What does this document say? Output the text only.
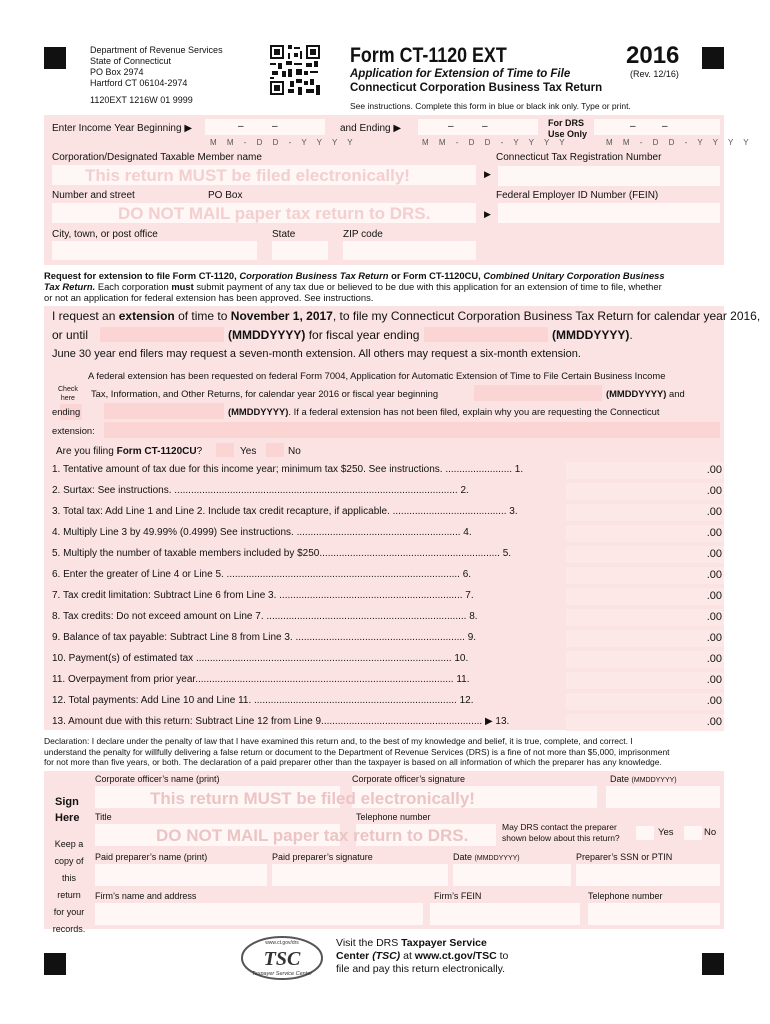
Department of Revenue Services
State of Connecticut
PO Box 2974
Hartford CT 06104-2974
1120EXT 1216W 01 9999
Form CT-1120 EXT	2016
Application for Extension of Time to File	(Rev. 12/16)
Connecticut Corporation Business Tax Return
See instructions. Complete this form in blue or black ink only. Type or print.
Enter Income Year Beginning ▶	–	–
M M - D D - Y Y Y Y
and Ending ▶	–	–
M M - D D - Y Y Y Y
For DRS
Use Only
–	–
M M - D D - Y Y Y Y
Corporation/Designated Taxable Member name
This return MUST be filed electronically!
Connecticut Tax Registration Number
▶
Number and street	PO Box
DO NOT MAIL paper tax return to DRS.
Federal Employer ID Number (FEIN)
▶
City, town, or post office	State	ZIP code
Request for extension to file Form CT-1120, Corporation Business Tax Return or Form CT-1120CU, Combined Unitary Corporation Business
Tax Return. Each corporation must submit payment of any tax due or believed to be due with this application for an extension of time to file, whether
or not an application for federal extension has been approved. See instructions.
I request an extension of time to November 1, 2017, to file my Connecticut Corporation Business Tax Return for calendar year 2016,
or until	(MMDDYYYY) for fiscal year ending	(MMDDYYYY).
June 30 year end filers may request a seven-month extension. All others may request a six-month extension.
A federal extension has been requested on federal Form 7004, Application for Automatic Extension of Time to File Certain Business Income
Check
here	Tax, Information, and Other Returns, for calendar year 2016 or fiscal year beginning	(MMDDYYYY) and
ending	(MMDDYYYY). If a federal extension has not been filed, explain why you are requesting the Connecticut
extension:
Are you filing Form CT-1120CU?	Yes	No
1. Tentative amount of tax due for this income year; minimum tax $250. See instructions. ........................ 1.	.00
2. Surtax: See instructions. ...................................................................................................... 2.	.00
3. Total tax: Add Line 1 and Line 2. Include tax credit recapture, if applicable. ......................................... 3.	.00
4. Multiply Line 3 by 49.99% (0.4999) See instructions. ........................................................... 4.	.00
5. Multiply the number of taxable members included by $250................................................................. 5.	.00
6. Enter the greater of Line 4 or Line 5. .................................................................................... 6.	.00
7. Tax credit limitation: Subtract Line 6 from Line 3. .................................................................. 7.	.00
8. Tax credits: Do not exceed amount on Line 7. ........................................................................ 8.	.00
9. Balance of tax payable: Subtract Line 8 from Line 3. ............................................................. 9.	.00
10. Payment(s) of estimated tax ............................................................................................ 10.	.00
11. Overpayment from prior year............................................................................................. 11.	.00
12. Total payments: Add Line 10 and Line 11. ......................................................................... 12.	.00
13. Amount due with this return: Subtract Line 12 from Line 9.......................................................... ▶ 13.	.00
Declaration: I declare under the penalty of law that I have examined this return and, to the best of my knowledge and belief, it is true, complete, and correct. I
understand the penalty for willfully delivering a false return or document to the Department of Revenue Services (DRS) is a fine of not more than $5,000, imprisonment
for not more than five years, or both. The declaration of a paid preparer other than the taxpayer is based on all information of which the preparer has any knowledge.
Corporate officer’s name (print)	Corporate officer’s signature	Date (MMDDYYYY)
This return MUST be filed electronically!
Sign
Here Title	Telephone number
DO NOT MAIL paper tax return to DRS.	May DRS contact the preparer
shown below about this return?	Yes	No
Keep a
copy of
this return
for your
records.
Paid preparer’s name (print)	Paid preparer’s signature	Date (MMDDYYYY)	Preparer’s SSN or PTIN
Firm’s name and address	Firm’s FEIN	Telephone number
www.ct.gov/drs
TSC
Taxpayer Service Center
Visit the DRS Taxpayer Service
Center (TSC) at www.ct.gov/TSC to
file and pay this return electronically.
